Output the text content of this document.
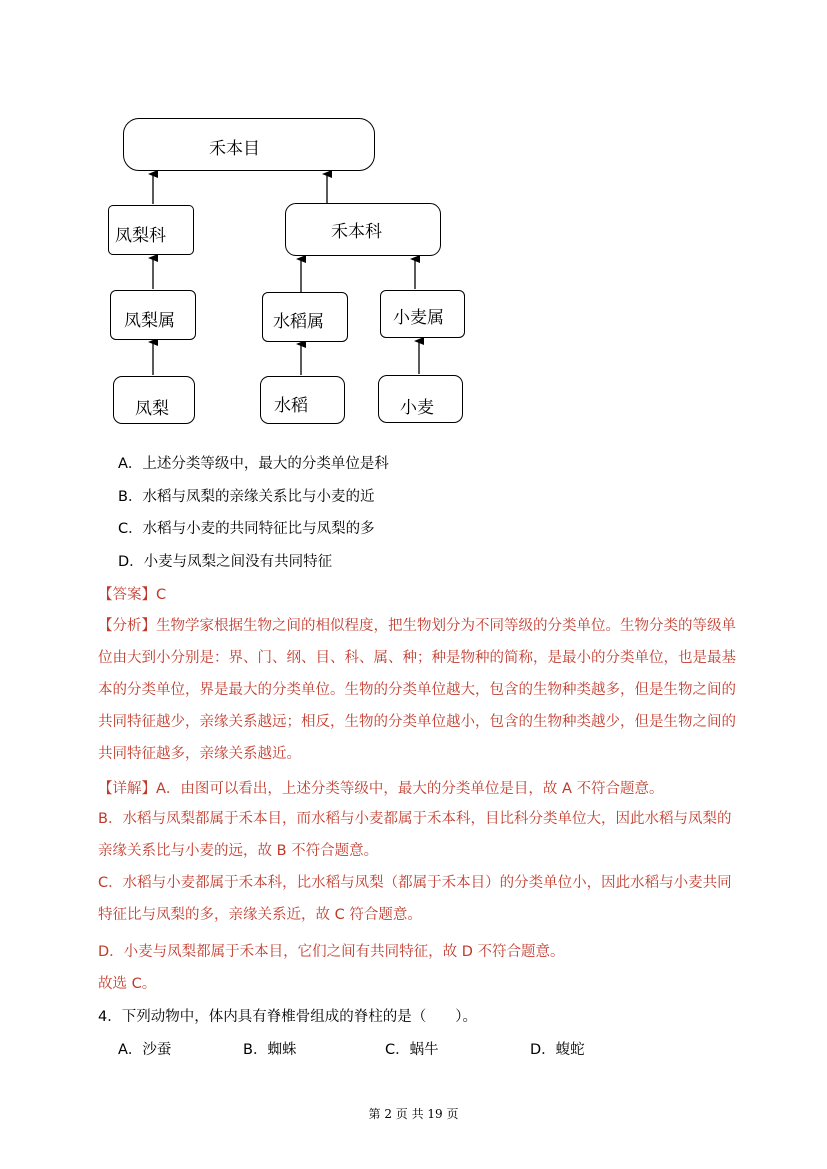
禾本目
凤梨科	禾本科
凤梨属	水稻属	小麦属
凤梨	水稻	小麦
A．上述分类等级中，最大的分类单位是科
B．水稻与凤梨的亲缘关系比与小麦的近
C．水稻与小麦的共同特征比与凤梨的多
D．小麦与凤梨之间没有共同特征
【答案】C
【分析】生物学家根据生物之间的相似程度，把生物划分为不同等级的分类单位。生物分类的等级单位由大到小分别是：界、门、纲、目、科、属、种；种是物种的简称，是最小的分类单位，也是最基本的分类单位，界是最大的分类单位。生物的分类单位越大，包含的生物种类越多，但是生物之间的共同特征越少，亲缘关系越远；相反，生物的分类单位越小，包含的生物种类越少，但是生物之间的共同特征越多，亲缘关系越近。
【详解】A．由图可以看出，上述分类等级中，最大的分类单位是目，故 A 不符合题意。
B．水稻与凤梨都属于禾本目，而水稻与小麦都属于禾本科，目比科分类单位大，因此水稻与凤梨的亲缘关系比与小麦的远，故 B 不符合题意。
C．水稻与小麦都属于禾本科，比水稻与凤梨（都属于禾本目）的分类单位小，因此水稻与小麦共同特征比与凤梨的多，亲缘关系近，故 C 符合题意。
D．小麦与凤梨都属于禾本目，它们之间有共同特征，故 D 不符合题意。
故选 C。
4．下列动物中，体内具有脊椎骨组成的脊柱的是（　　）。
A．沙蚕	B．蜘蛛	C．蜗牛	D．蝮蛇
第 2 页 共 19 页
